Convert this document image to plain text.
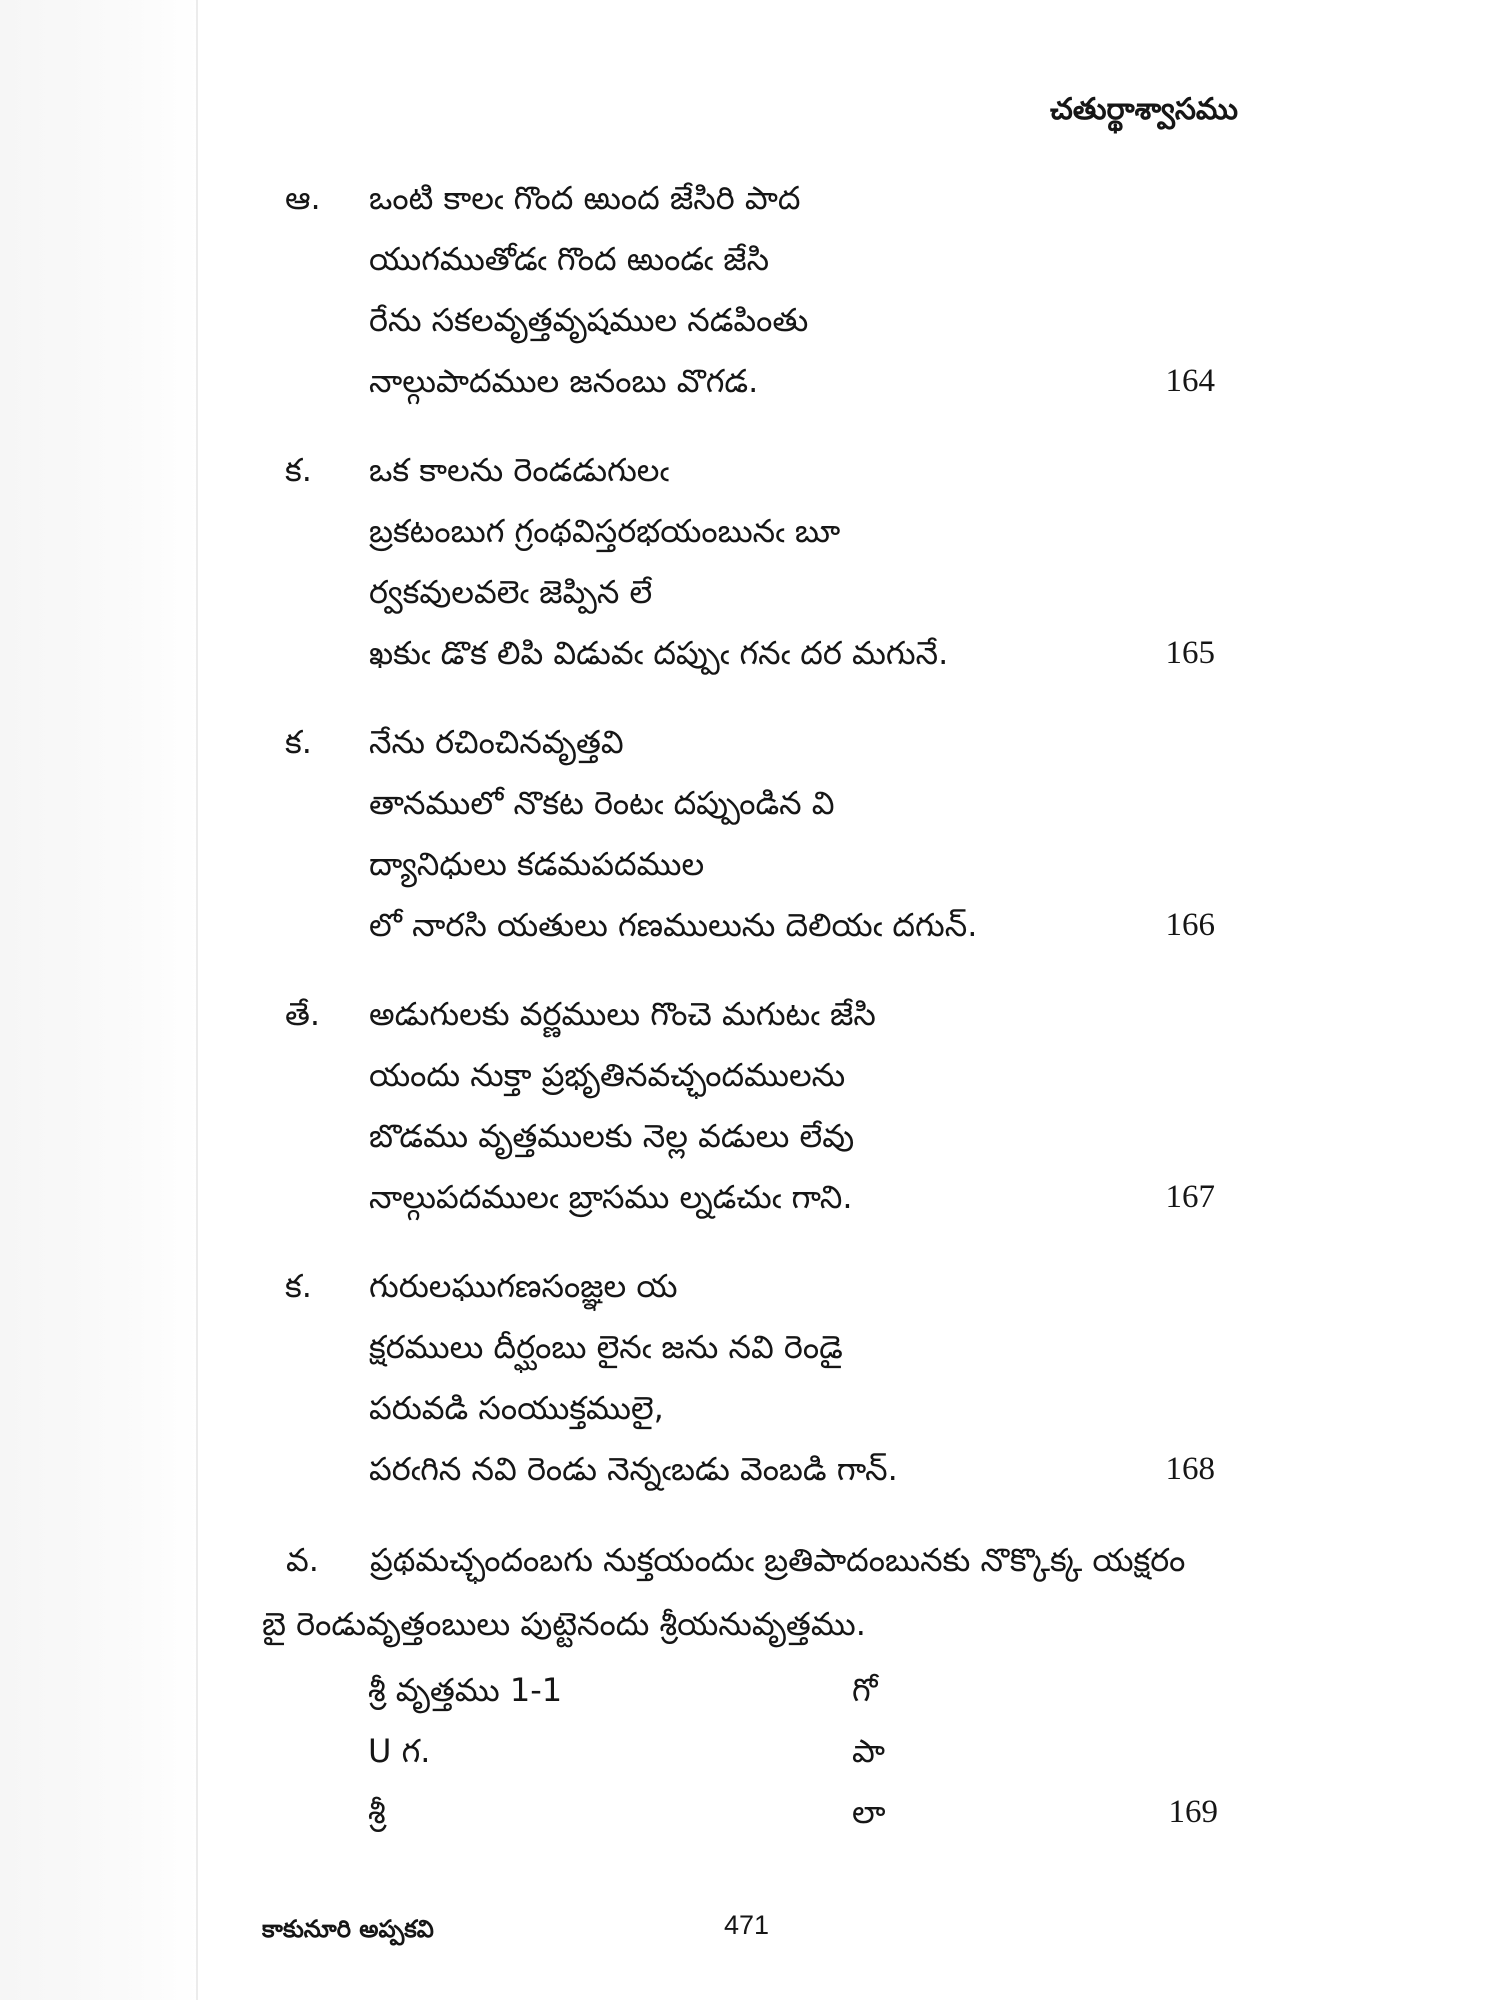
చతుర్థాశ్వాసము
ఆ. ఒంటి కాలఁ గొంద ఱుంద జేసిరి పాద
యుగముతోడఁ గొంద ఱుండఁ జేసి
రేను సకలవృత్తవృషముల నడపింతు
నాల్గుపాదముల జనంబు వొగడ.	164
క. ఒక కాలను రెండడుగులఁ
బ్రకటంబుగ గ్రంథవిస్తరభయంబునఁ బూ
ర్వకవులవలెఁ జెప్పిన లే
ఖకుఁ డొక లిపి విడువఁ దప్పుఁ గనఁ దర మగునే.	165
క. నేను రచించినవృత్తవి
తానములో నొకట రెంటఁ దప్పుండిన వి
ద్యానిధులు కడమపదముల
లో నారసి యతులు గణములును దెలియఁ దగున్.	166
తే. అడుగులకు వర్ణములు గొంచె మగుటఁ జేసి
యందు నుక్తా ప్రభృతినవచ్ఛందములను
బొడము వృత్తములకు నెల్ల వడులు లేవు
నాల్గుపదములఁ బ్రాసము ల్నడచుఁ గాని.	167
క. గురులఘుగణసంజ్ఞల య
క్షరములు దీర్ఘంబు లైనఁ జను నవి రెండై
పరువడి సంయుక్తములై,
పరఁగిన నవి రెండు నెన్నఁబడు వెంబడి గాన్.	168
వ. ప్రథమచ్ఛందంబగు నుక్తయందుఁ బ్రతిపాదంబునకు నొక్కొక్క యక్షరం
బై రెండువృత్తంబులు పుట్టెనందు శ్రీయనువృత్తము.
శ్రీ వృత్తము 1-1	గో
U గ.	పా
శ్రీ	లా	169
కాకునూరి అప్పకవి	471
